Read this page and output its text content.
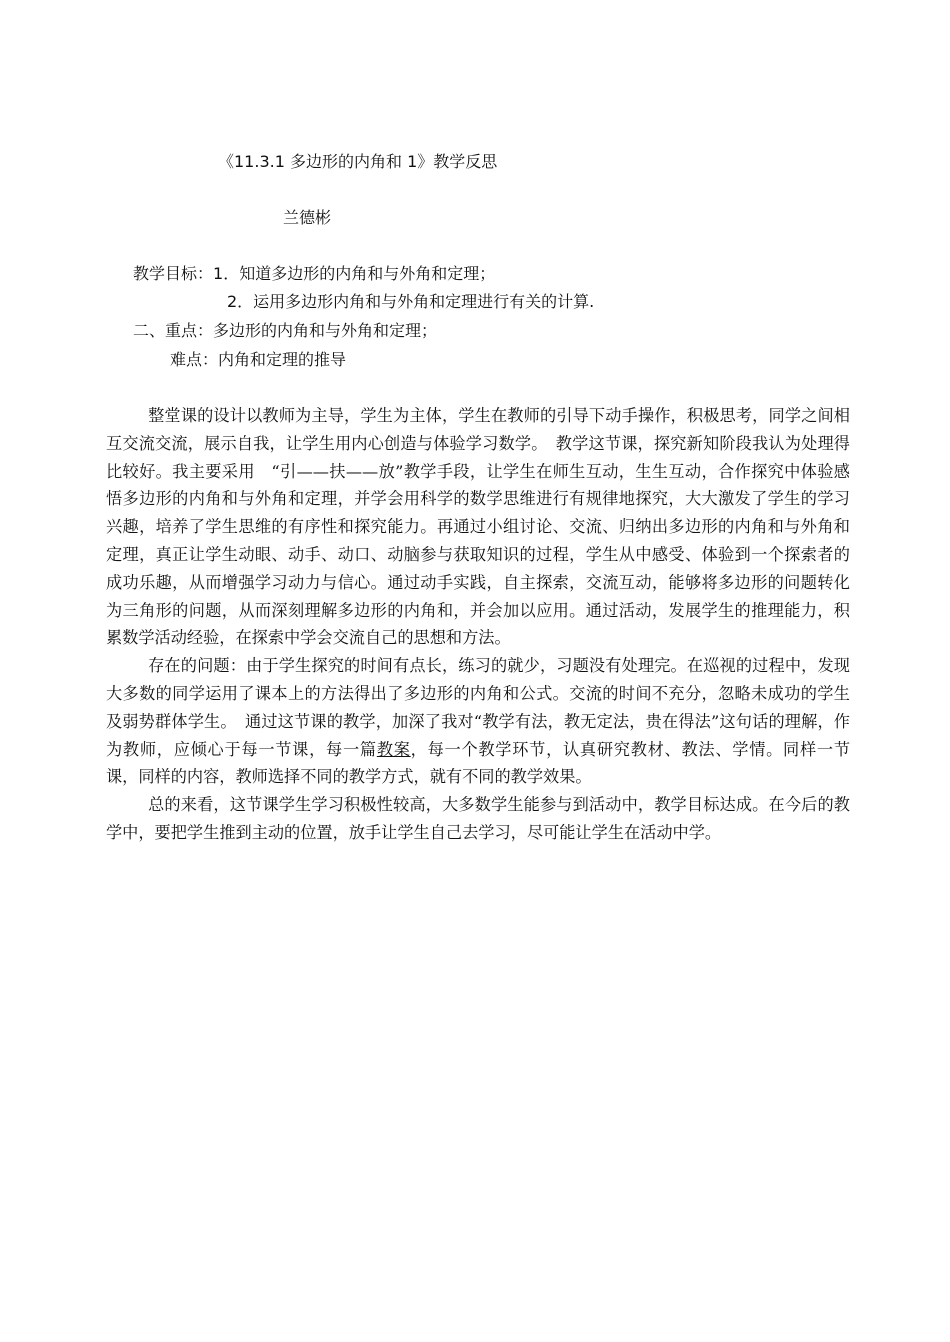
《11.3.1 多边形的内角和 1》教学反思
兰德彬
教学目标：1．知道多边形的内角和与外角和定理；
2．运用多边形内角和与外角和定理进行有关的计算.
二、重点：多边形的内角和与外角和定理；
难点：内角和定理的推导

整堂课的设计以教师为主导，学生为主体，学生在教师的引导下动手操作，积极思考，同学之间相互交流交流，展示自我，让学生用内心创造与体验学习数学。　教学这节课，探究新知阶段我认为处理得比较好。我主要采用　“引——扶——放”教学手段，让学生在师生互动，生生互动，合作探究中体验感悟多边形的内角和与外角和定理，并学会用科学的数学思维进行有规律地探究，大大激发了学生的学习兴趣，培养了学生思维的有序性和探究能力。再通过小组讨论、交流、归纳出多边形的内角和与外角和定理，真正让学生动眼、动手、动口、动脑参与获取知识的过程，学生从中感受、体验到一个探索者的成功乐趣，从而增强学习动力与信心。通过动手实践，自主探索，交流互动，能够将多边形的问题转化为三角形的问题，从而深刻理解多边形的内角和，并会加以应用。通过活动，发展学生的推理能力，积累数学活动经验，在探索中学会交流自己的思想和方法。

存在的问题：由于学生探究的时间有点长，练习的就少，习题没有处理完。在巡视的过程中，发现大多数的同学运用了课本上的方法得出了多边形的内角和公式。交流的时间不充分，忽略未成功的学生及弱势群体学生。　通过这节课的教学，加深了我对“教学有法，教无定法，贵在得法”这句话的理解，作为教师，应倾心于每一节课，每一篇教案，每一个教学环节，认真研究教材、教法、学情。同样一节课，同样的内容，教师选择不同的教学方式，就有不同的教学效果。

总的来看，这节课学生学习积极性较高，大多数学生能参与到活动中，教学目标达成。在今后的教学中，要把学生推到主动的位置，放手让学生自己去学习，尽可能让学生在活动中学。
